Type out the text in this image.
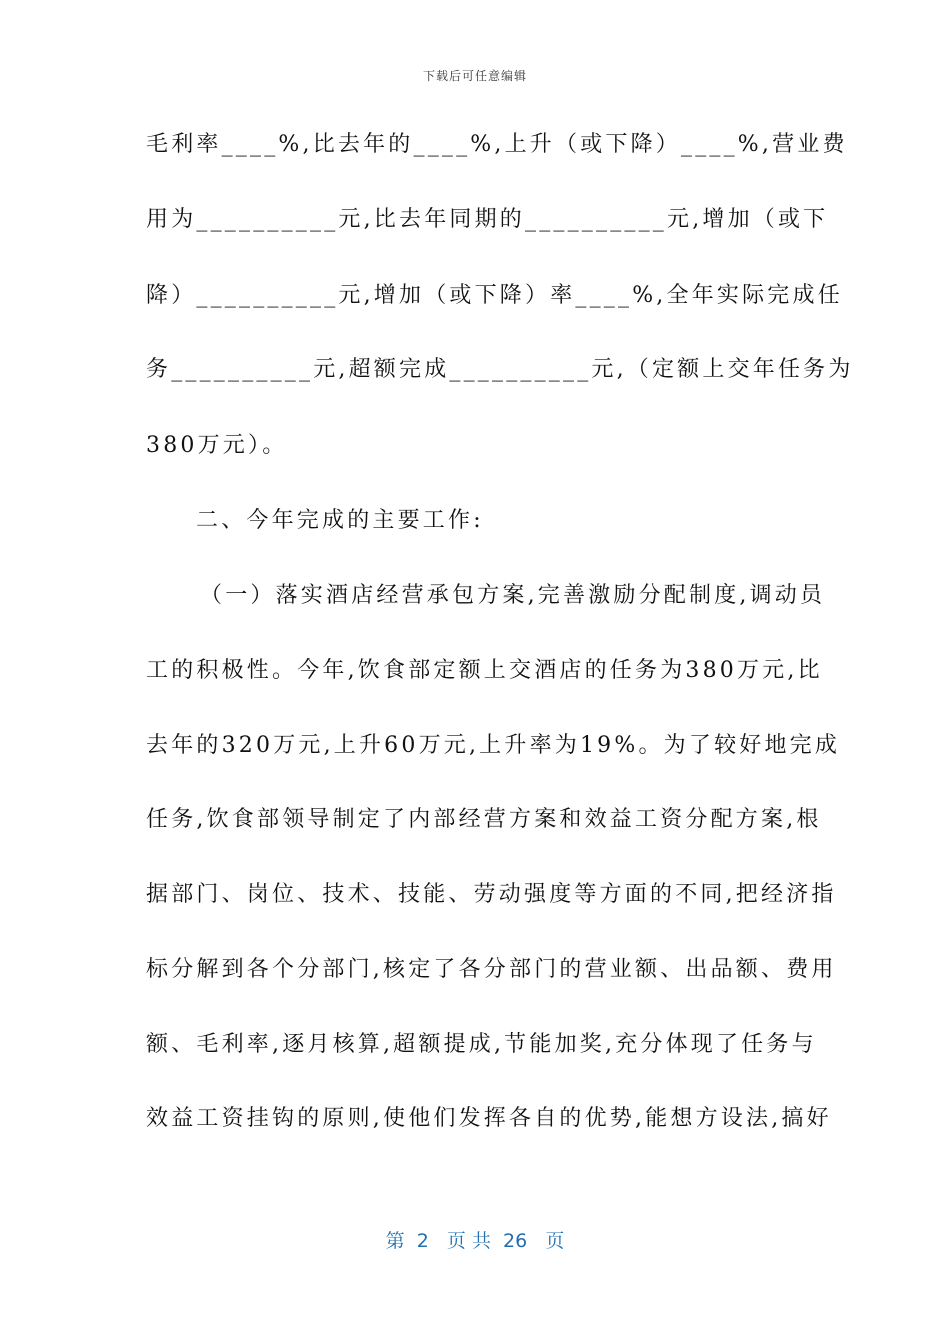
下载后可任意编辑
毛利率____%,比去年的____%,上升（或下降）____%,营业费
用为__________元,比去年同期的__________元,增加（或下
降）__________元,增加（或下降）率____%,全年实际完成任
务__________元,超额完成__________元,（定额上交年任务为
380万元）。
二、今年完成的主要工作:
（一）落实酒店经营承包方案,完善激励分配制度,调动员
工的积极性。今年,饮食部定额上交酒店的任务为380万元,比
去年的320万元,上升60万元,上升率为19%。为了较好地完成
任务,饮食部领导制定了内部经营方案和效益工资分配方案,根
据部门、岗位、技术、技能、劳动强度等方面的不同,把经济指
标分解到各个分部门,核定了各分部门的营业额、出品额、费用
额、毛利率,逐月核算,超额提成,节能加奖,充分体现了任务与
效益工资挂钩的原则,使他们发挥各自的优势,能想方设法,搞好
第  2   页 共  26   页
